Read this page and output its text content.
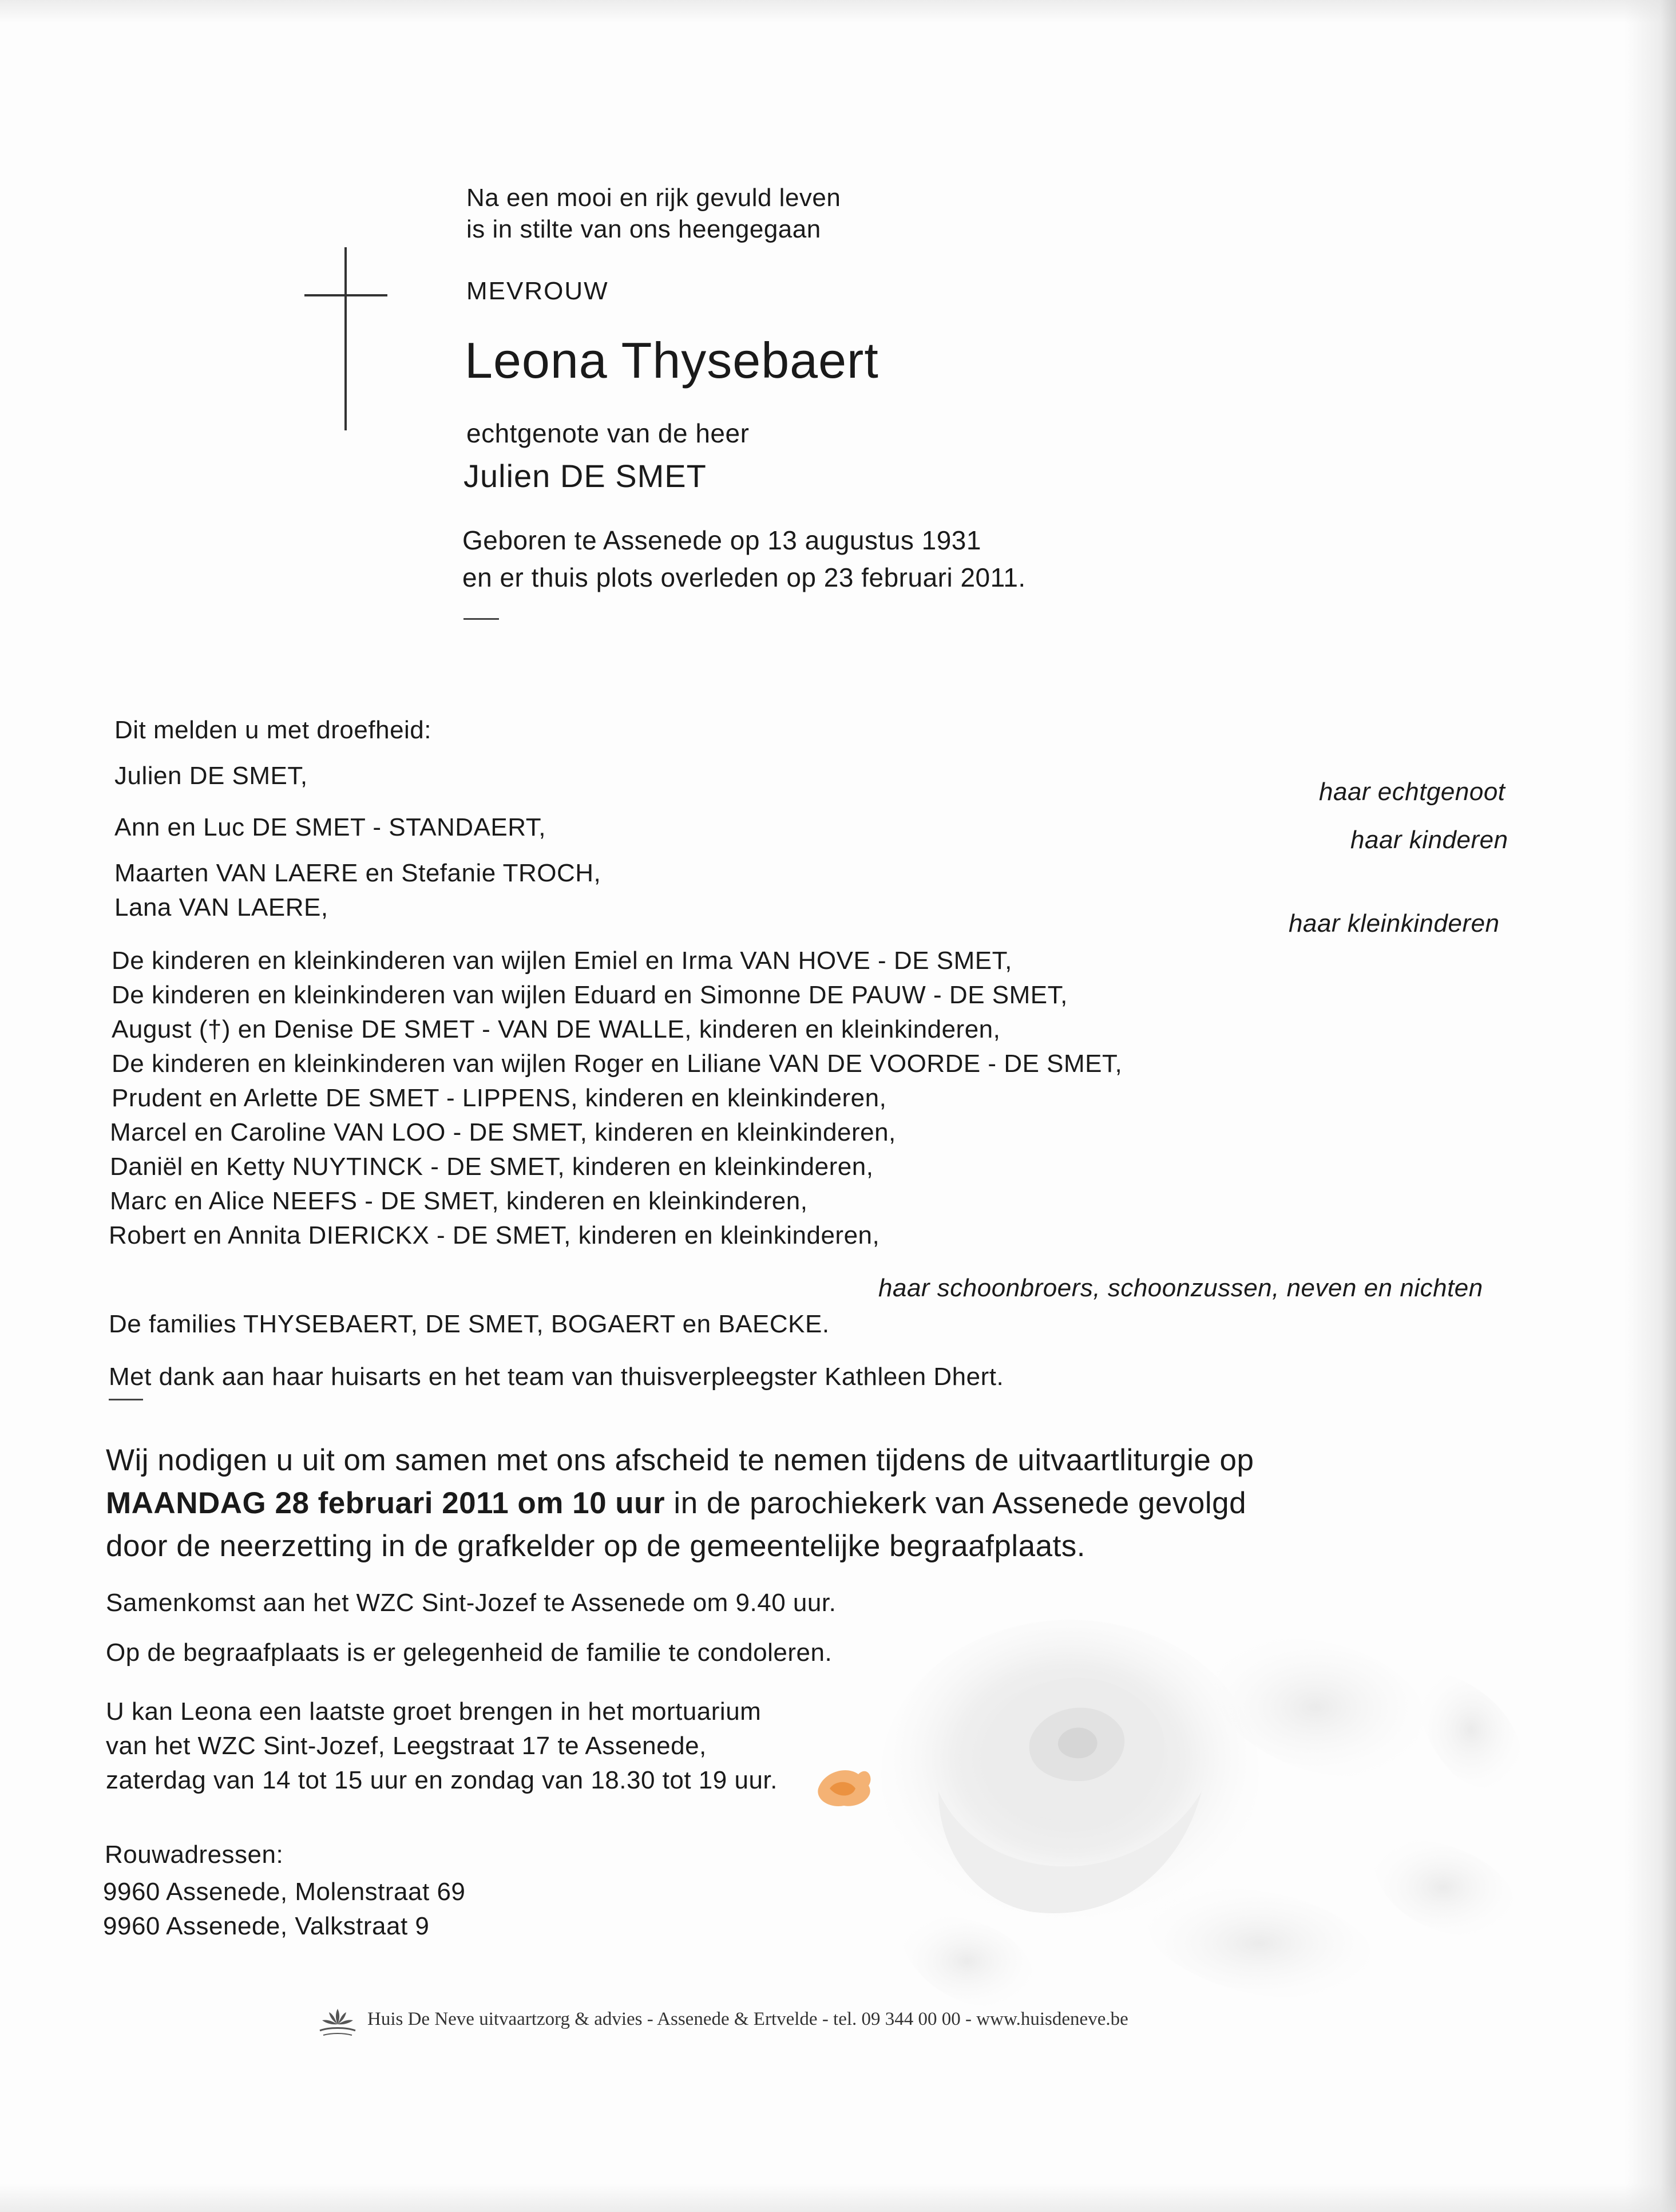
Na een mooi en rijk gevuld leven
is in stilte van ons heengegaan
MEVROUW
Leona Thysebaert
echtgenote van de heer
Julien DE SMET
Geboren te Assenede op 13 augustus 1931
en er thuis plots overleden op 23 februari 2011.
Dit melden u met droefheid:
Julien DE SMET,
Ann en Luc DE SMET - STANDAERT,
Maarten VAN LAERE en Stefanie TROCH,
Lana VAN LAERE,
De kinderen en kleinkinderen van wijlen Emiel en Irma VAN HOVE - DE SMET,
De kinderen en kleinkinderen van wijlen Eduard en Simonne DE PAUW - DE SMET,
August (†) en Denise DE SMET - VAN DE WALLE, kinderen en kleinkinderen,
De kinderen en kleinkinderen van wijlen Roger en Liliane VAN DE VOORDE - DE SMET,
Prudent en Arlette DE SMET - LIPPENS, kinderen en kleinkinderen,
Marcel en Caroline VAN LOO - DE SMET, kinderen en kleinkinderen,
Daniël en Ketty NUYTINCK - DE SMET, kinderen en kleinkinderen,
Marc en Alice NEEFS - DE SMET, kinderen en kleinkinderen,
Robert en Annita DIERICKX - DE SMET, kinderen en kleinkinderen,
De families THYSEBAERT, DE SMET, BOGAERT en BAECKE.
Met dank aan haar huisarts en het team van thuisverpleegster Kathleen Dhert.
haar echtgenoot
haar kinderen
haar kleinkinderen
haar schoonbroers, schoonzussen, neven en nichten
Wij nodigen u uit om samen met ons afscheid te nemen tijdens de uitvaartliturgie op
MAANDAG 28 februari 2011 om 10 uur in de parochiekerk van Assenede gevolgd
door de neerzetting in de grafkelder op de gemeentelijke begraafplaats.
Samenkomst aan het WZC Sint-Jozef te Assenede om 9.40 uur.
Op de begraafplaats is er gelegenheid de familie te condoleren.
U kan Leona een laatste groet brengen in het mortuarium
van het WZC Sint-Jozef, Leegstraat 17 te Assenede,
zaterdag van 14 tot 15 uur en zondag van 18.30 tot 19 uur.
Rouwadressen:
9960 Assenede, Molenstraat 69
9960 Assenede, Valkstraat 9
Huis De Neve uitvaartzorg & advies - Assenede & Ertvelde - tel. 09 344 00 00 - www.huisdeneve.be
